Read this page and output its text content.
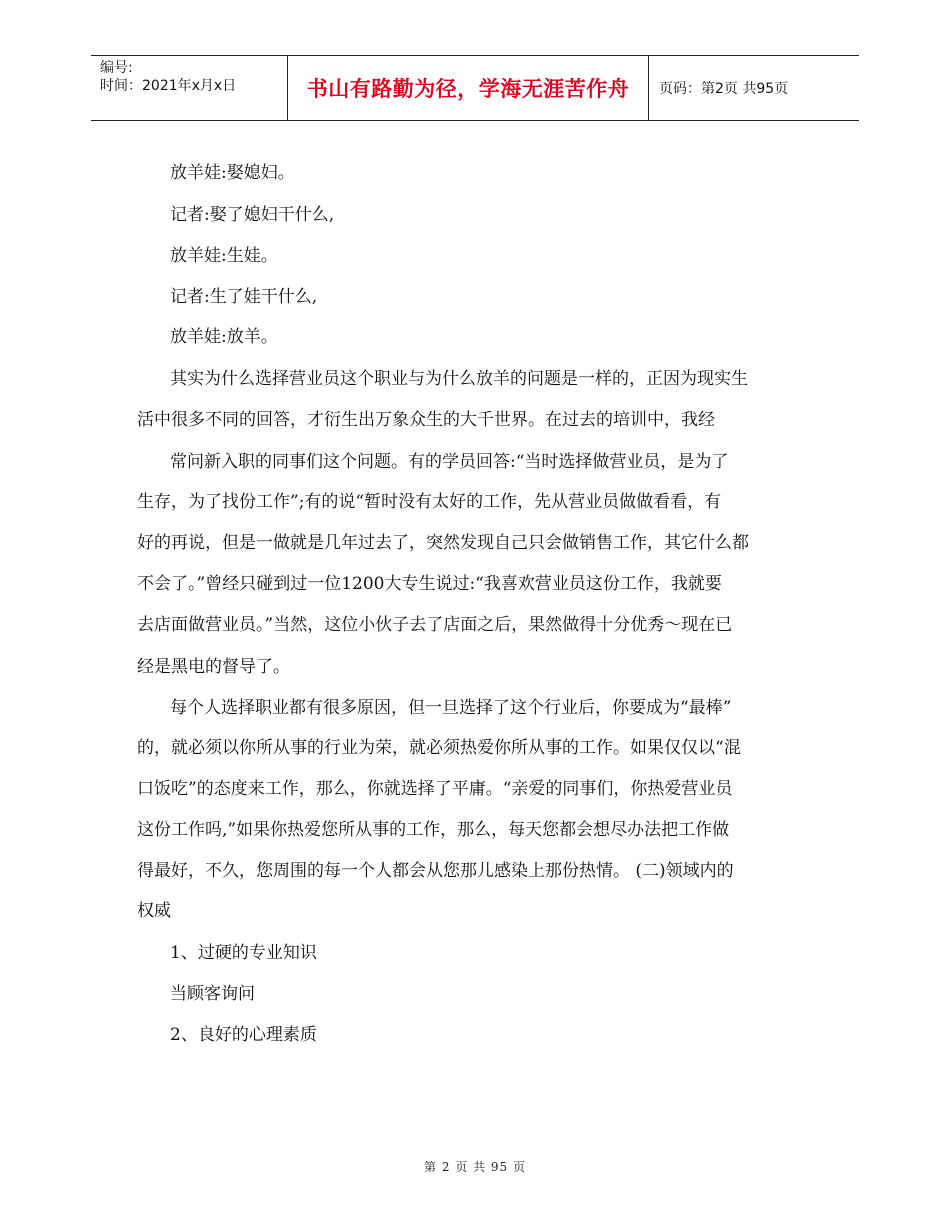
编号:
时间：2021年x月x日	书山有路勤为径，学海无涯苦作舟 页码：第2页 共95页
放羊娃:娶媳妇。
记者:娶了媳妇干什么,
放羊娃:生娃。
记者:生了娃干什么,
放羊娃:放羊。
其实为什么选择营业员这个职业与为什么放羊的问题是一样的，正因为现实生
活中很多不同的回答，才衍生出万象众生的大千世界。在过去的培训中，我经
常问新入职的同事们这个问题。有的学员回答:“当时选择做营业员，是为了
生存，为了找份工作”;有的说“暂时没有太好的工作，先从营业员做做看看，有
好的再说，但是一做就是几年过去了，突然发现自己只会做销售工作，其它什么都
不会了。”曾经只碰到过一位1200大专生说过:“我喜欢营业员这份工作，我就要
去店面做营业员。”当然，这位小伙子去了店面之后，果然做得十分优秀～现在已
经是黑电的督导了。
每个人选择职业都有很多原因，但一旦选择了这个行业后，你要成为“最棒”
的，就必须以你所从事的行业为荣，就必须热爱你所从事的工作。如果仅仅以“混
口饭吃”的态度来工作，那么，你就选择了平庸。“亲爱的同事们，你热爱营业员
这份工作吗,”如果你热爱您所从事的工作，那么，每天您都会想尽办法把工作做
得最好，不久，您周围的每一个人都会从您那儿感染上那份热情。 (二)领域内的
权威
1、过硬的专业知识
当顾客询问
2、良好的心理素质
第 2 页 共 95 页
